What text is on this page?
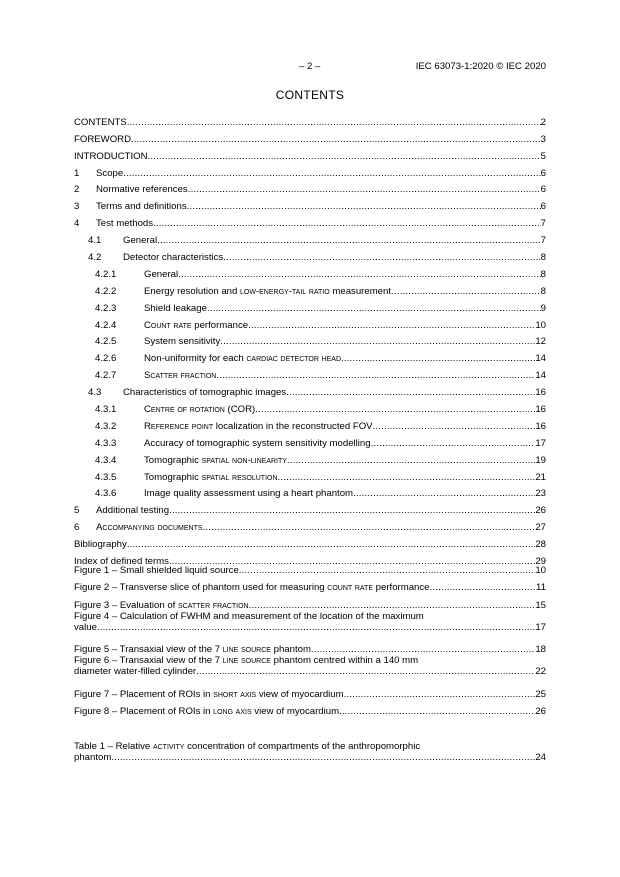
– 2 –	IEC 63073-1:2020 © IEC 2020
CONTENTS
CONTENTS .....	2
FOREWORD .....	3
INTRODUCTION .....	5
1	Scope .....	6
2	Normative references .....	6
3	Terms and definitions .....	6
4	Test methods .....	7
4.1	General .....	7
4.2	Detector characteristics .....	8
4.2.1	General .....	8
4.2.2	Energy resolution and low-energy-tail ratio measurement .....	8
4.2.3	Shield leakage .....	9
4.2.4	Count rate performance .....	10
4.2.5	System sensitivity .....	12
4.2.6	Non-uniformity for each cardiac detector head .....	14
4.2.7	Scatter fraction .....	14
4.3	Characteristics of tomographic images .....	16
4.3.1	Centre of rotation (COR) .....	16
4.3.2	Reference point localization in the reconstructed FOV .....	16
4.3.3	Accuracy of tomographic system sensitivity modelling .....	17
4.3.4	Tomographic spatial non-linearity .....	19
4.3.5	Tomographic spatial resolution .....	21
4.3.6	Image quality assessment using a heart phantom .....	23
5	Additional testing .....	26
6	Accompanying documents .....	27
Bibliography .....	28
Index of defined terms .....	29
Figure 1 – Small shielded liquid source .....	10
Figure 2 – Transverse slice of phantom used for measuring count rate performance .....	11
Figure 3 – Evaluation of scatter fraction .....	15
Figure 4 – Calculation of FWHM and measurement of the location of the maximum
value .....	17
Figure 5 – Transaxial view of the 7 line source phantom .....	18
Figure 6 – Transaxial view of the 7 line source phantom centred within a 140 mm
diameter water-filled cylinder .....	22
Figure 7 – Placement of ROIs in short axis view of myocardium .....	25
Figure 8 – Placement of ROIs in long axis view of myocardium .....	26
Table 1 – Relative activity concentration of compartments of the anthropomorphic
phantom .....	24
